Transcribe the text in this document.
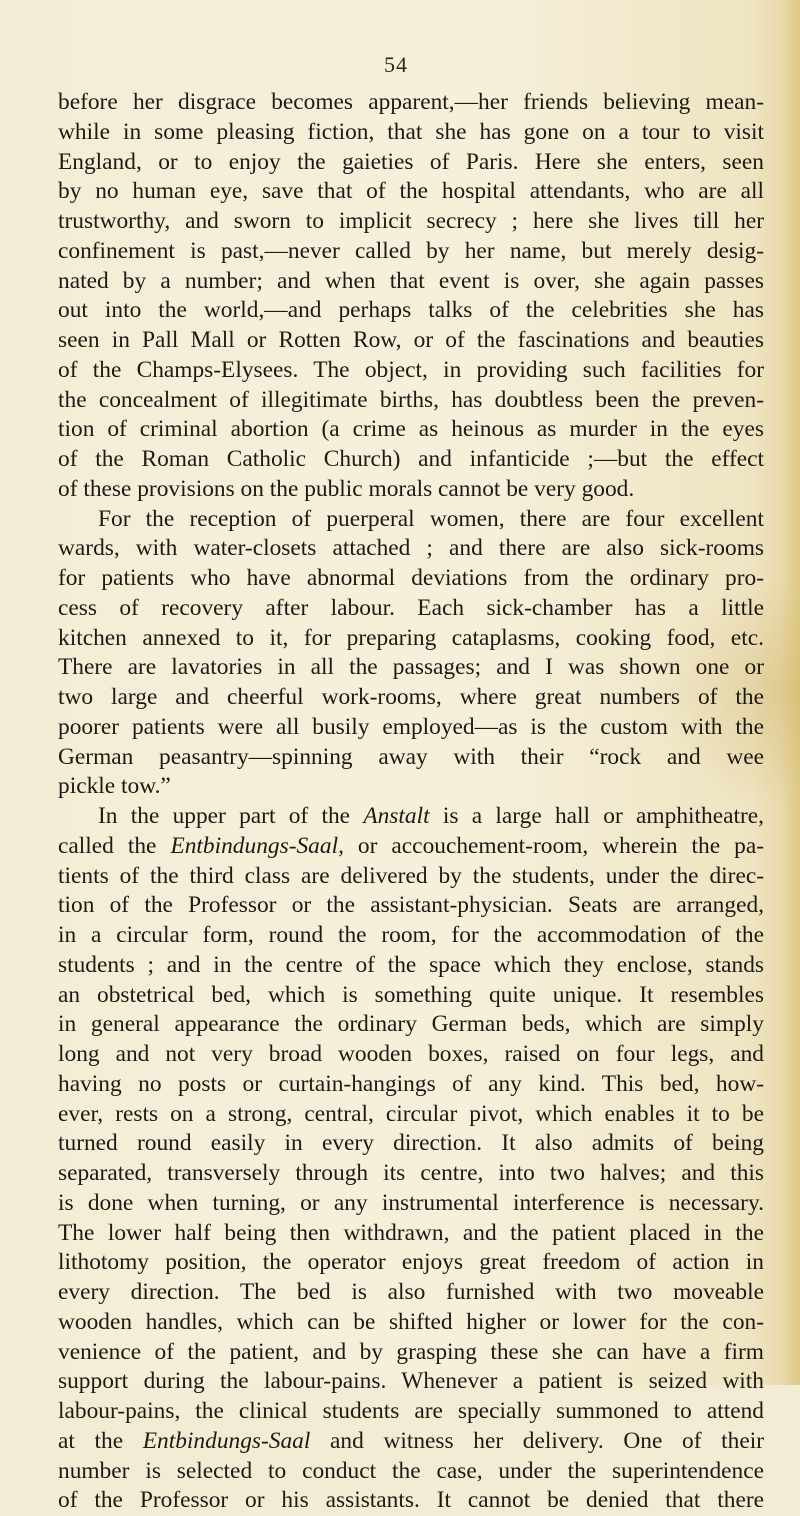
54
before her disgrace becomes apparent,—her friends believing mean-
while in some pleasing fiction, that she has gone on a tour to visit
England, or to enjoy the gaieties of Paris. Here she enters, seen
by no human eye, save that of the hospital attendants, who are all
trustworthy, and sworn to implicit secrecy ; here she lives till her
confinement is past,—never called by her name, but merely desig-
nated by a number; and when that event is over, she again passes
out into the world,—and perhaps talks of the celebrities she has
seen in Pall Mall or Rotten Row, or of the fascinations and beauties
of the Champs-Elysees. The object, in providing such facilities for
the concealment of illegitimate births, has doubtless been the preven-
tion of criminal abortion (a crime as heinous as murder in the eyes
of the Roman Catholic Church) and infanticide ;—but the effect
of these provisions on the public morals cannot be very good.
For the reception of puerperal women, there are four excellent
wards, with water-closets attached ; and there are also sick-rooms
for patients who have abnormal deviations from the ordinary pro-
cess of recovery after labour. Each sick-chamber has a little
kitchen annexed to it, for preparing cataplasms, cooking food, etc.
There are lavatories in all the passages; and I was shown one or
two large and cheerful work-rooms, where great numbers of the
poorer patients were all busily employed—as is the custom with the
German peasantry—spinning away with their “rock and wee
pickle tow.”
In the upper part of the Anstalt is a large hall or amphitheatre,
called the Entbindungs-Saal, or accouchement-room, wherein the pa-
tients of the third class are delivered by the students, under the direc-
tion of the Professor or the assistant-physician. Seats are arranged,
in a circular form, round the room, for the accommodation of the
students ; and in the centre of the space which they enclose, stands
an obstetrical bed, which is something quite unique. It resembles
in general appearance the ordinary German beds, which are simply
long and not very broad wooden boxes, raised on four legs, and
having no posts or curtain-hangings of any kind. This bed, how-
ever, rests on a strong, central, circular pivot, which enables it to be
turned round easily in every direction. It also admits of being
separated, transversely through its centre, into two halves; and this
is done when turning, or any instrumental interference is necessary.
The lower half being then withdrawn, and the patient placed in the
lithotomy position, the operator enjoys great freedom of action in
every direction. The bed is also furnished with two moveable
wooden handles, which can be shifted higher or lower for the con-
venience of the patient, and by grasping these she can have a firm
support during the labour-pains. Whenever a patient is seized with
labour-pains, the clinical students are specially summoned to attend
at the Entbindungs-Saal and witness her delivery. One of their
number is selected to conduct the case, under the superintendence
of the Professor or his assistants. It cannot be denied that there
